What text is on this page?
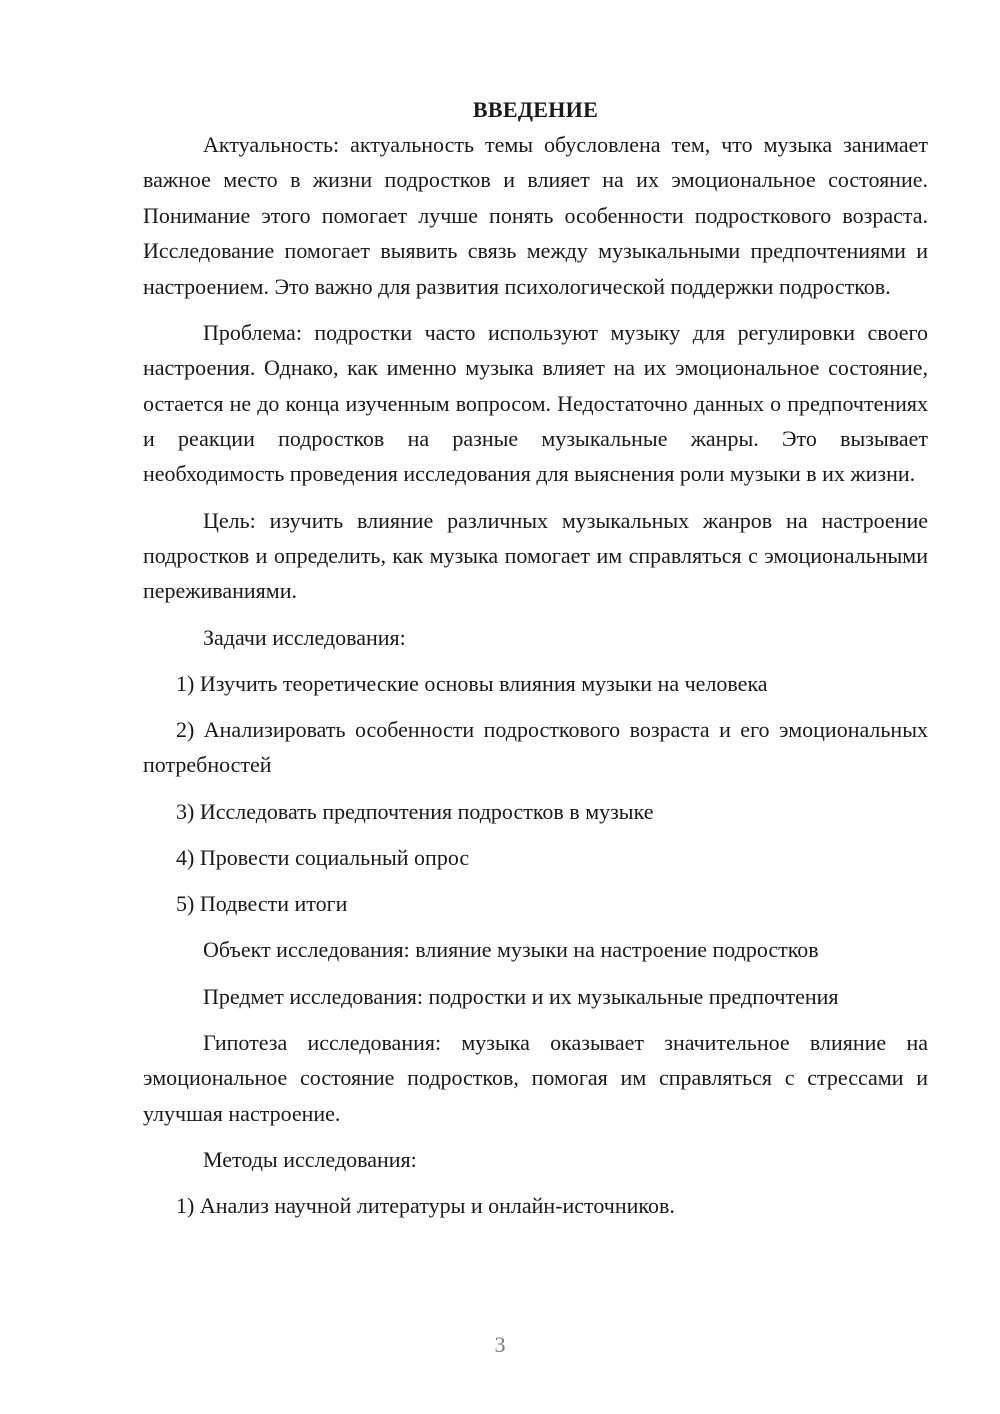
ВВЕДЕНИЕ

Актуальность: актуальность темы обусловлена тем, что музыка занимает важное место в жизни подростков и влияет на их эмоциональное состояние. Понимание этого помогает лучше понять особенности подросткового возраста. Исследование помогает выявить связь между музыкальными предпочтениями и настроением. Это важно для развития психологической поддержки подростков.

Проблема: подростки часто используют музыку для регулировки своего настроения. Однако, как именно музыка влияет на их эмоциональное состояние, остается не до конца изученным вопросом. Недостаточно данных о предпочтениях и реакции подростков на разные музыкальные жанры. Это вызывает необходимость проведения исследования для выяснения роли музыки в их жизни.

Цель: изучить влияние различных музыкальных жанров на настроение подростков и определить, как музыка помогает им справляться с эмоциональными переживаниями.

Задачи исследования:

1) Изучить теоретические основы влияния музыки на человека

2) Анализировать особенности подросткового возраста и его эмоциональных потребностей

3) Исследовать предпочтения подростков в музыке

4) Провести социальный опрос

5) Подвести итоги

Объект исследования: влияние музыки на настроение подростков

Предмет исследования: подростки и их музыкальные предпочтения

Гипотеза исследования: музыка оказывает значительное влияние на эмоциональное состояние подростков, помогая им справляться с стрессами и улучшая настроение.

Методы исследования:

1) Анализ научной литературы и онлайн-источников.

3
